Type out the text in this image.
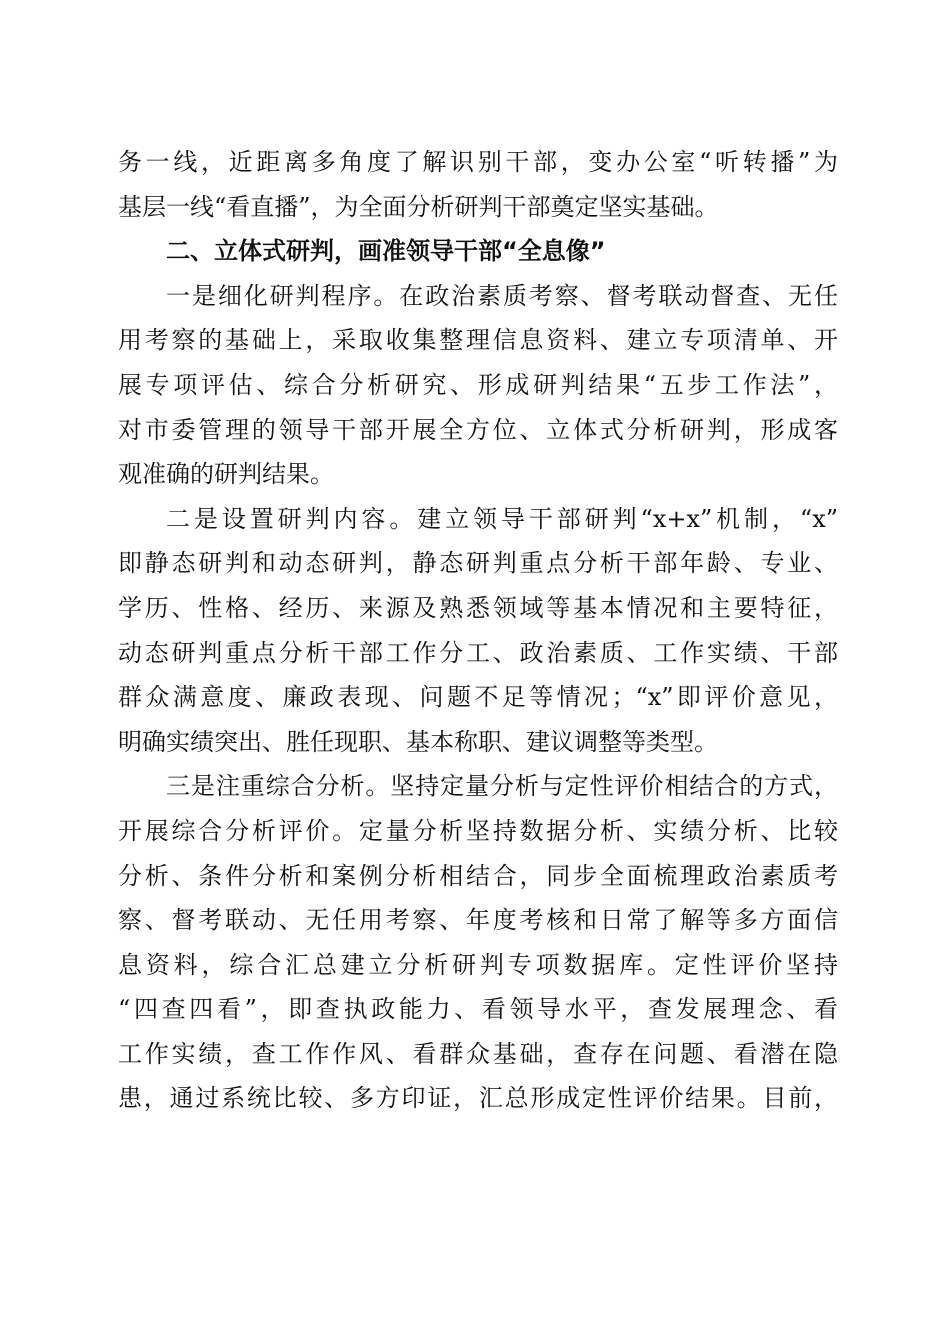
务一线，近距离多角度了解识别干部，变办公室“听转播”为
基层一线“看直播”，为全面分析研判干部奠定坚实基础。
二、立体式研判，画准领导干部“全息像”
一是细化研判程序。在政治素质考察、督考联动督查、无任
用考察的基础上，采取收集整理信息资料、建立专项清单、开
展专项评估、综合分析研究、形成研判结果“五步工作法”，
对市委管理的领导干部开展全方位、立体式分析研判，形成客
观准确的研判结果。
二是设置研判内容。建立领导干部研判“x+x”机制，“x”
即静态研判和动态研判，静态研判重点分析干部年龄、专业、
学历、性格、经历、来源及熟悉领域等基本情况和主要特征，
动态研判重点分析干部工作分工、政治素质、工作实绩、干部
群众满意度、廉政表现、问题不足等情况；“x”即评价意见，
明确实绩突出、胜任现职、基本称职、建议调整等类型。
三是注重综合分析。坚持定量分析与定性评价相结合的方式，
开展综合分析评价。定量分析坚持数据分析、实绩分析、比较
分析、条件分析和案例分析相结合，同步全面梳理政治素质考
察、督考联动、无任用考察、年度考核和日常了解等多方面信
息资料，综合汇总建立分析研判专项数据库。定性评价坚持
“四查四看”，即查执政能力、看领导水平，查发展理念、看
工作实绩，查工作作风、看群众基础，查存在问题、看潜在隐
患，通过系统比较、多方印证，汇总形成定性评价结果。目前，
